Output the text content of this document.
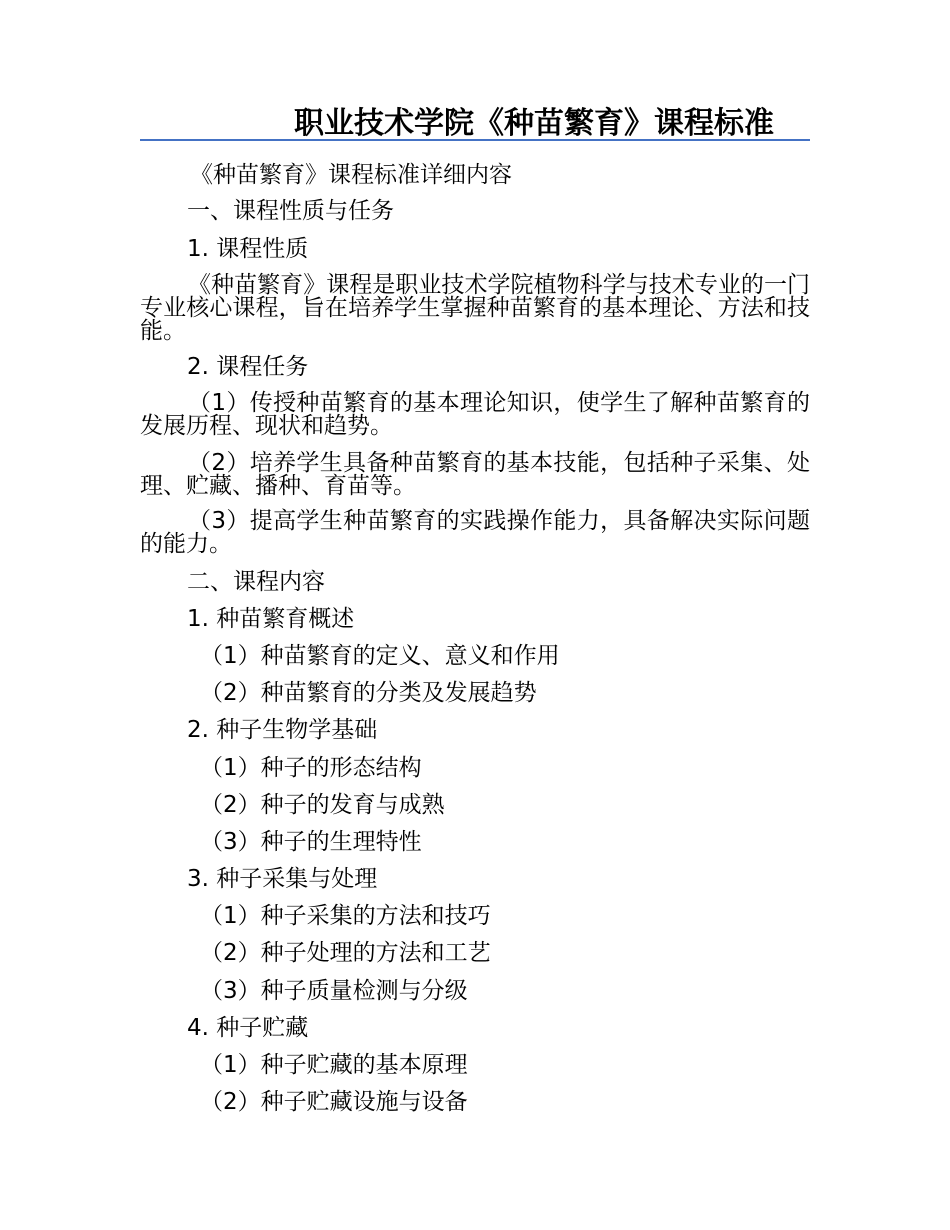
职业技术学院《种苗繁育》课程标准
《种苗繁育》课程标准详细内容
一、课程性质与任务
1. 课程性质
《种苗繁育》课程是职业技术学院植物科学与技术专业的一门专业核心课程，旨在培养学生掌握种苗繁育的基本理论、方法和技能。
2. 课程任务
（1）传授种苗繁育的基本理论知识，使学生了解种苗繁育的发展历程、现状和趋势。
（2）培养学生具备种苗繁育的基本技能，包括种子采集、处理、贮藏、播种、育苗等。
（3）提高学生种苗繁育的实践操作能力，具备解决实际问题的能力。
二、课程内容
1. 种苗繁育概述
（1）种苗繁育的定义、意义和作用
（2）种苗繁育的分类及发展趋势
2. 种子生物学基础
（1）种子的形态结构
（2）种子的发育与成熟
（3）种子的生理特性
3. 种子采集与处理
（1）种子采集的方法和技巧
（2）种子处理的方法和工艺
（3）种子质量检测与分级
4. 种子贮藏
（1）种子贮藏的基本原理
（2）种子贮藏设施与设备
